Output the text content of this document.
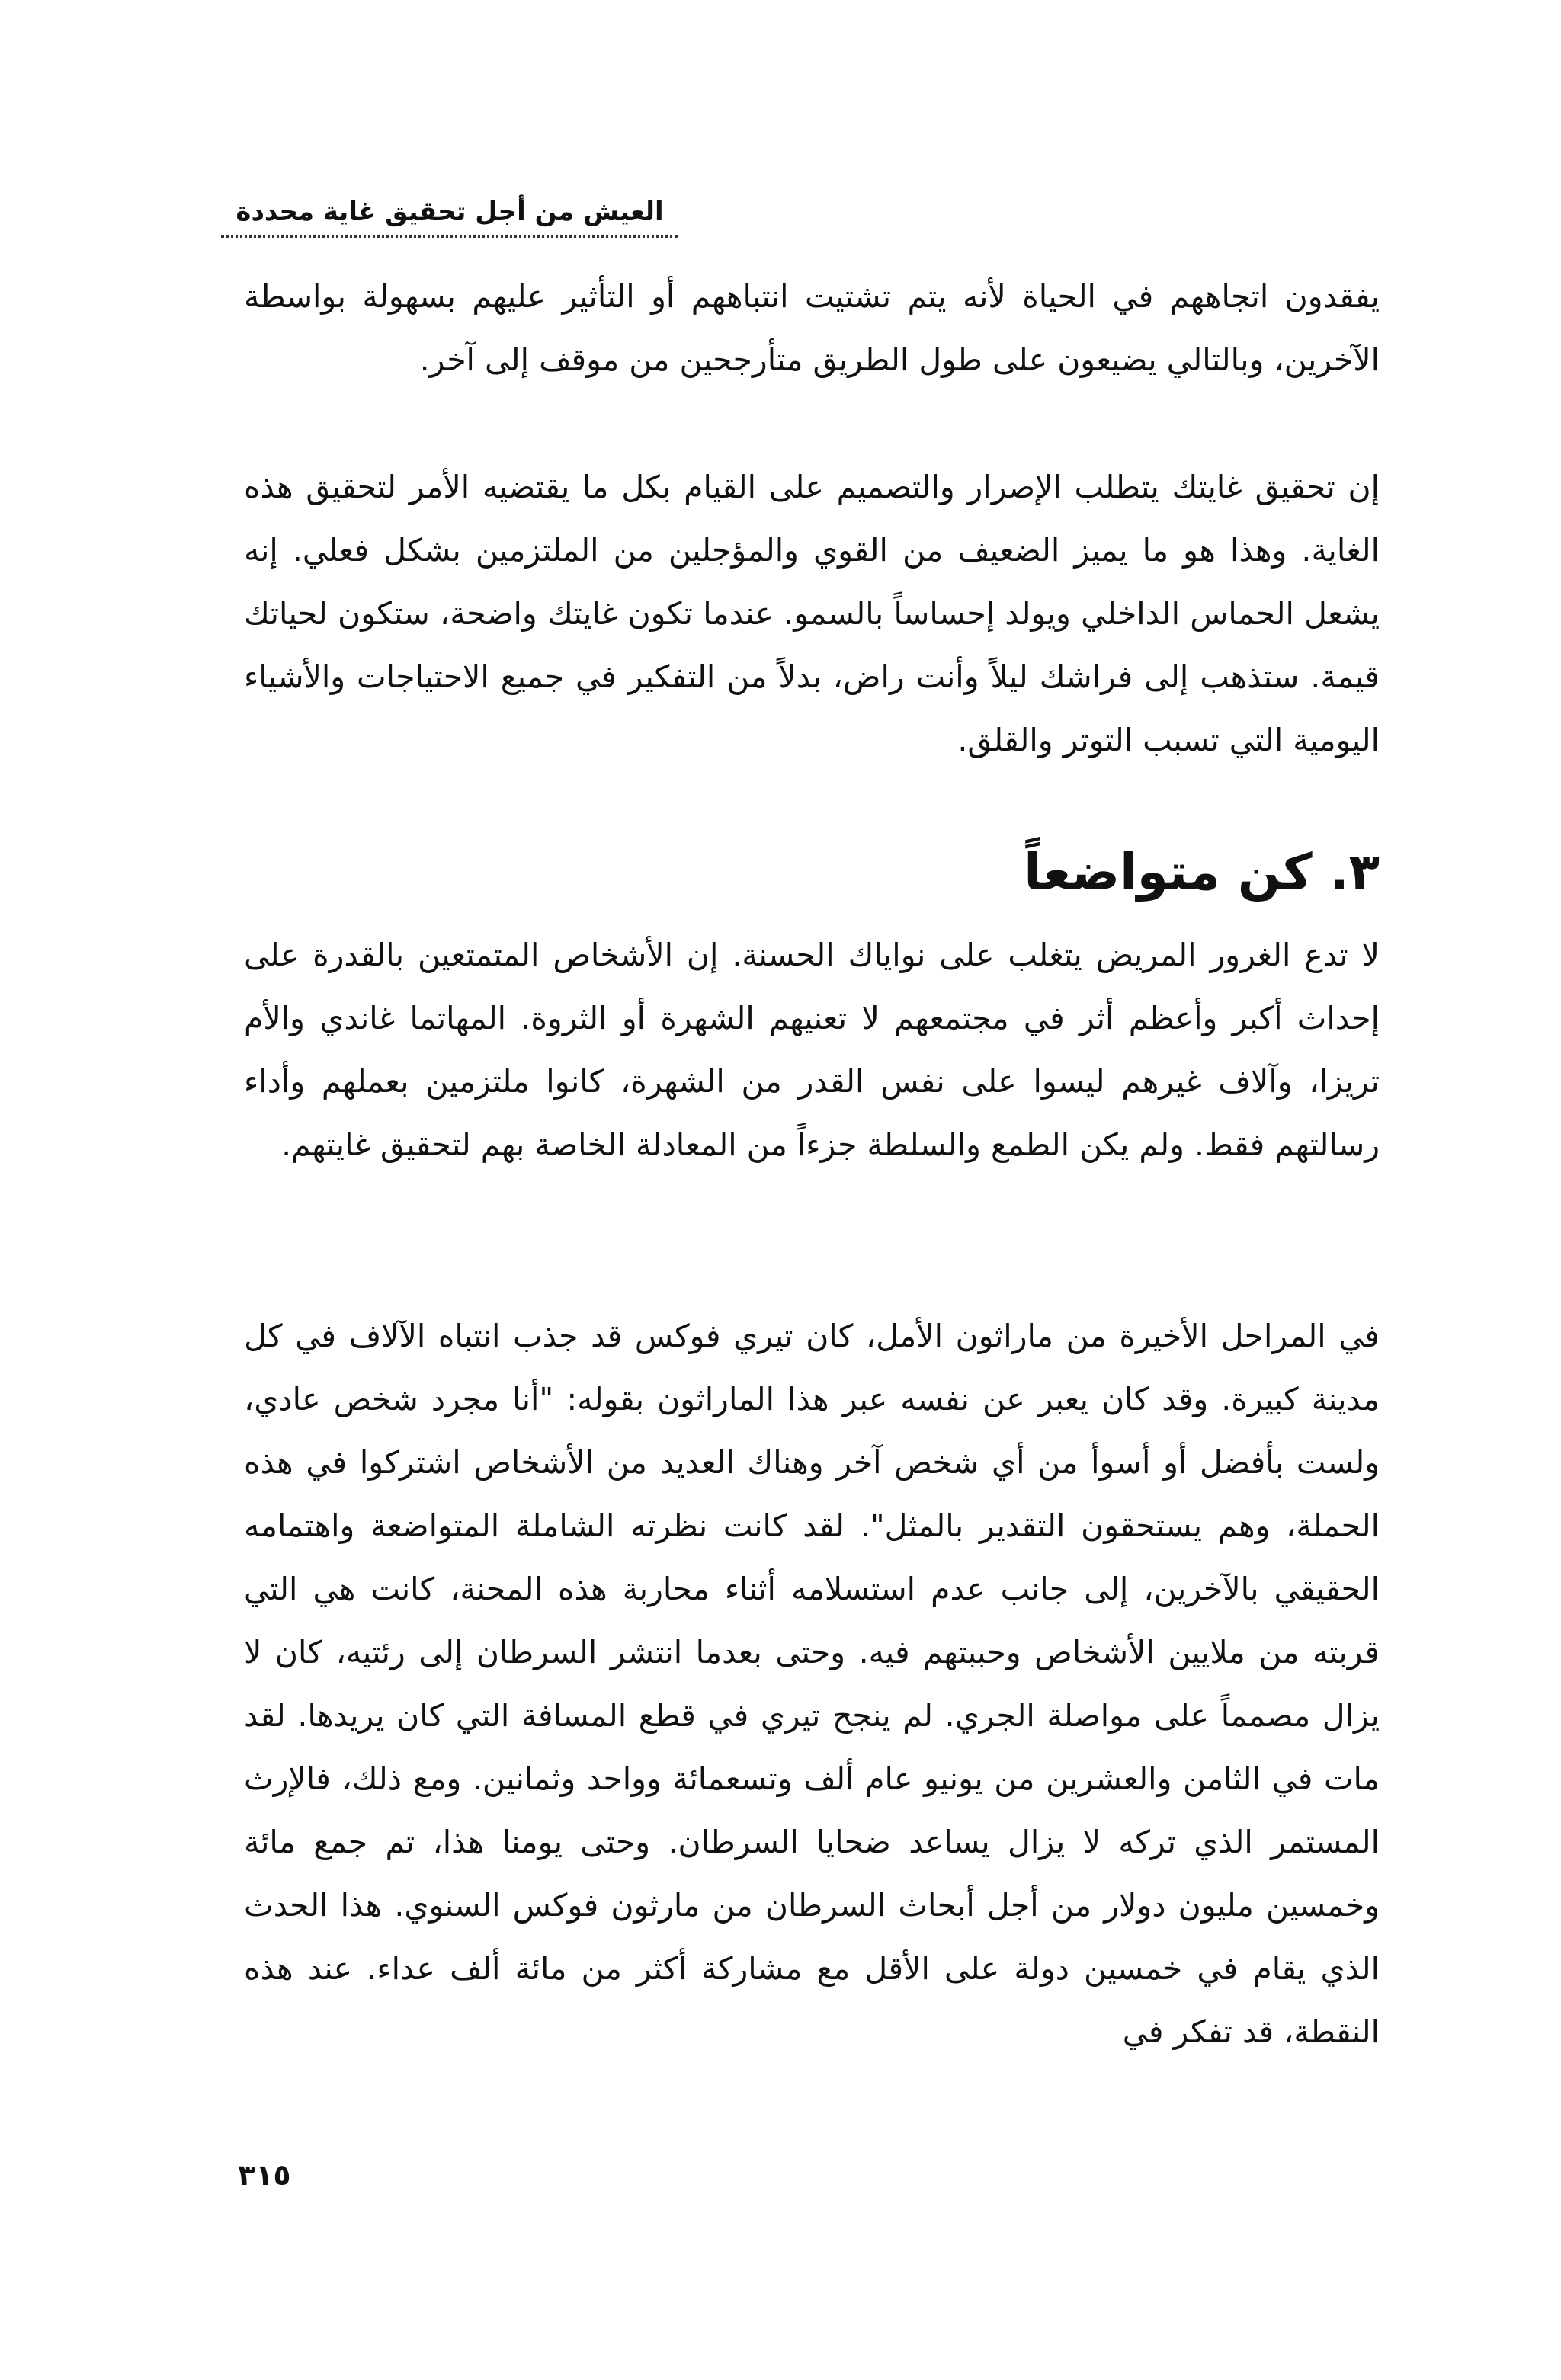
العيش من أجل تحقيق غاية محددة

يفقدون اتجاههم في الحياة لأنه يتم تشتيت انتباههم أو التأثير عليهم بسهولة بواسطة الآخرين، وبالتالي يضيعون على طول الطريق متأرجحين من موقف إلى آخر.

إن تحقيق غايتك يتطلب الإصرار والتصميم على القيام بكل ما يقتضيه الأمر لتحقيق هذه الغاية. وهذا هو ما يميز الضعيف من القوي والمؤجلين من الملتزمين بشكل فعلي. إنه يشعل الحماس الداخلي ويولد إحساساً بالسمو. عندما تكون غايتك واضحة، ستكون لحياتك قيمة. ستذهب إلى فراشك ليلاً وأنت راض، بدلاً من التفكير في جميع الاحتياجات والأشياء اليومية التي تسبب التوتر والقلق.

٣. كن متواضعاً

لا تدع الغرور المريض يتغلب على نواياك الحسنة. إن الأشخاص المتمتعين بالقدرة على إحداث أكبر وأعظم أثر في مجتمعهم لا تعنيهم الشهرة أو الثروة. المهاتما غاندي والأم تريزا، وآلاف غيرهم ليسوا على نفس القدر من الشهرة، كانوا ملتزمين بعملهم وأداء رسالتهم فقط. ولم يكن الطمع والسلطة جزءاً من المعادلة الخاصة بهم لتحقيق غايتهم.

في المراحل الأخيرة من ماراثون الأمل، كان تيري فوكس قد جذب انتباه الآلاف في كل مدينة كبيرة. وقد كان يعبر عن نفسه عبر هذا الماراثون بقوله: "أنا مجرد شخص عادي، ولست بأفضل أو أسوأ من أي شخص آخر وهناك العديد من الأشخاص اشتركوا في هذه الحملة، وهم يستحقون التقدير بالمثل". لقد كانت نظرته الشاملة المتواضعة واهتمامه الحقيقي بالآخرين، إلى جانب عدم استسلامه أثناء محاربة هذه المحنة، كانت هي التي قربته من ملايين الأشخاص وحببتهم فيه. وحتى بعدما انتشر السرطان إلى رئتيه، كان لا يزال مصمماً على مواصلة الجري. لم ينجح تيري في قطع المسافة التي كان يريدها. لقد مات في الثامن والعشرين من يونيو عام ألف وتسعمائة وواحد وثمانين. ومع ذلك، فالإرث المستمر الذي تركه لا يزال يساعد ضحايا السرطان. وحتى يومنا هذا، تم جمع مائة وخمسين مليون دولار من أجل أبحاث السرطان من مارثون فوكس السنوي. هذا الحدث الذي يقام في خمسين دولة على الأقل مع مشاركة أكثر من مائة ألف عداء. عند هذه النقطة، قد تفكر في

٣١٥
